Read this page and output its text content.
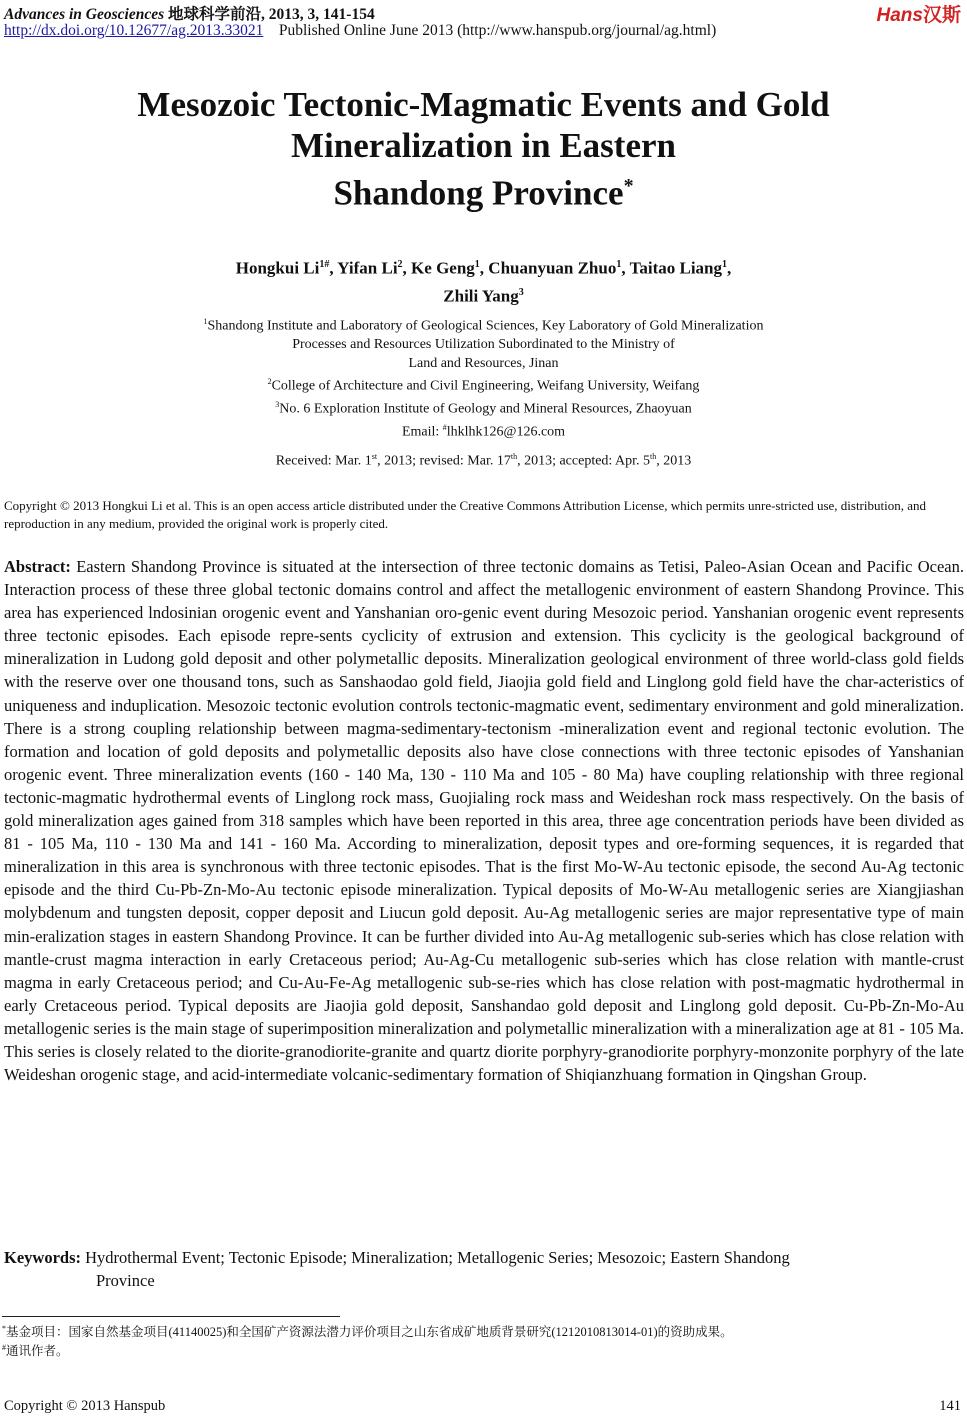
Advances in Geosciences 地球科学前沿, 2013, 3, 141-154
http://dx.doi.org/10.12677/ag.2013.33021 Published Online June 2013 (http://www.hanspub.org/journal/ag.html)
Hans汉斯
Mesozoic Tectonic-Magmatic Events and Gold
Mineralization in Eastern
Shandong Province*
Hongkui $Li^{1\#}$, Yifan Li$^2$, Ke Geng$^1$, Chuanyuan Zhuo$^1$, Taitao Liang$^1$,
Zhili Yang$^3$
$^1$Shandong Institute and Laboratory of Geological Sciences, Key Laboratory of Gold Mineralization
Processes and Resources Utilization Subordinated to the Ministry of
Land and Resources, Jinan
$^2$College of Architecture and Civil Engineering, Weifang University, Weifang
$^3$No. 6 Exploration Institute of Geology and Mineral Resources, Zhaoyuan
Email: #lhklhk126@126.com
Received: Mar. 1st, 2013; revised: Mar. 17th, 2013; accepted: Apr. 5th, 2013
Copyright © 2013 Hongkui Li et al. This is an open access article distributed under the Creative Commons Attribution License, which permits unre-stricted use, distribution, and reproduction in any medium, provided the original work is properly cited.
Abstract: Eastern Shandong Province is situated at the intersection of three tectonic domains as Tetisi, Paleo-Asian Ocean and Pacific Ocean. Interaction process of these three global tectonic domains control and affect the metallogenic environment of eastern Shandong Province. This area has experienced lndosinian orogenic event and Yanshanian oro-genic event during Mesozoic period. Yanshanian orogenic event represents three tectonic episodes. Each episode repre-sents cyclicity of extrusion and extension. This cyclicity is the geological background of mineralization in Ludong gold deposit and other polymetallic deposits. Mineralization geological environment of three world-class gold fields with the reserve over one thousand tons, such as Sanshaodao gold field, Jiaojia gold field and Linglong gold field have the char-acteristics of uniqueness and induplication. Mesozoic tectonic evolution controls tectonic-magmatic event, sedimentary environment and gold mineralization. There is a strong coupling relationship between magma-sedimentary-tectonism -mineralization event and regional tectonic evolution. The formation and location of gold deposits and polymetallic deposits also have close connections with three tectonic episodes of Yanshanian orogenic event. Three mineralization events (160 - 140 Ma, 130 - 110 Ma and 105 - 80 Ma) have coupling relationship with three regional tectonic-magmatic hydrothermal events of Linglong rock mass, Guojialing rock mass and Weideshan rock mass respectively. On the basis of gold mineralization ages gained from 318 samples which have been reported in this area, three age concentration periods have been divided as 81 - 105 Ma, 110 - 130 Ma and 141 - 160 Ma. According to mineralization, deposit types and ore-forming sequences, it is regarded that mineralization in this area is synchronous with three tectonic episodes. That is the first Mo-W-Au tectonic episode, the second Au-Ag tectonic episode and the third Cu-Pb-Zn-Mo-Au tectonic episode mineralization. Typical deposits of Mo-W-Au metallogenic series are Xiangjiashan molybdenum and tungsten deposit, copper deposit and Liucun gold deposit. Au-Ag metallogenic series are major representative type of main min-eralization stages in eastern Shandong Province. It can be further divided into Au-Ag metallogenic sub-series which has close relation with mantle-crust magma interaction in early Cretaceous period; Au-Ag-Cu metallogenic sub-series which has close relation with mantle-crust magma in early Cretaceous period; and Cu-Au-Fe-Ag metallogenic sub-se-ries which has close relation with post-magmatic hydrothermal in early Cretaceous period. Typical deposits are Jiaojia gold deposit, Sanshandao gold deposit and Linglong gold deposit. Cu-Pb-Zn-Mo-Au metallogenic series is the main stage of superimposition mineralization and polymetallic mineralization with a mineralization age at 81 - 105 Ma. This series is closely related to the diorite-granodiorite-granite and quartz diorite porphyry-granodiorite porphyry-monzonite porphyry of the late Weideshan orogenic stage, and acid-intermediate volcanic-sedimentary formation of Shiqianzhuang formation in Qingshan Group.
Keywords: Hydrothermal Event; Tectonic Episode; Mineralization; Metallogenic Series; Mesozoic; Eastern Shandong
Province
*基金项目：国家自然基金项目(41140025)和全国矿产资源法潜力评价项目之山东省成矿地质背景研究(1212010813014-01)的资助成果。
#通讯作者。
Copyright © 2013 Hanspub	141
